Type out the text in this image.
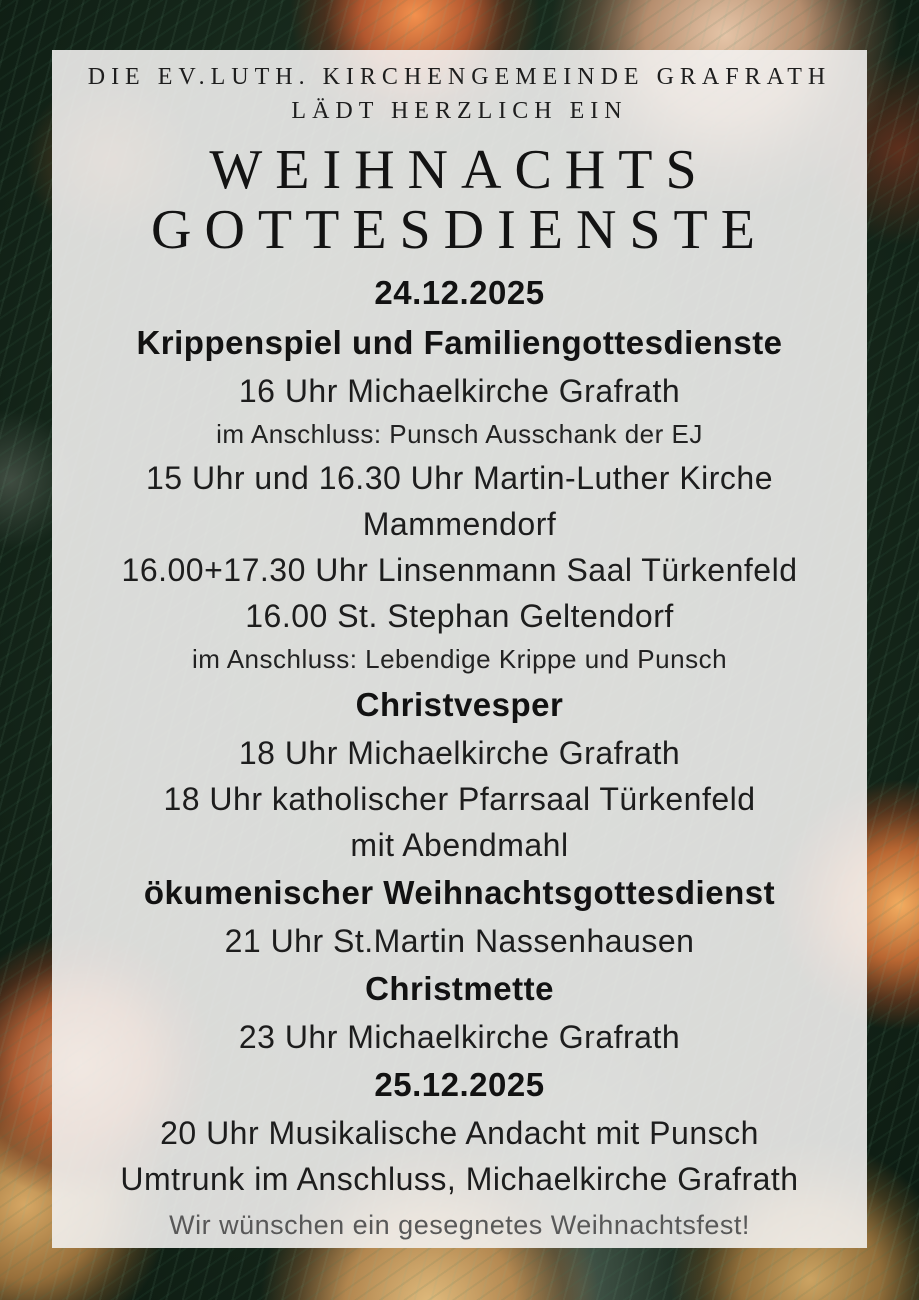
DIE EV.LUTH. KIRCHENGEMEINDE GRAFRATH
LÄDT HERZLICH EIN
WEIHNACHTS
GOTTESDIENSTE
24.12.2025
Krippenspiel und Familiengottesdienste
16 Uhr Michaelkirche Grafrath
im Anschluss: Punsch Ausschank der EJ
15 Uhr und 16.30 Uhr Martin-Luther Kirche
Mammendorf
16.00+17.30 Uhr Linsenmann Saal Türkenfeld
16.00 St. Stephan Geltendorf
im Anschluss: Lebendige Krippe und Punsch
Christvesper
18 Uhr Michaelkirche Grafrath
18 Uhr katholischer Pfarrsaal Türkenfeld
mit Abendmahl
ökumenischer Weihnachtsgottesdienst
21 Uhr St.Martin Nassenhausen
Christmette
23 Uhr Michaelkirche Grafrath
25.12.2025
20 Uhr Musikalische Andacht mit Punsch
Umtrunk im Anschluss, Michaelkirche Grafrath
Wir wünschen ein gesegnetes Weihnachtsfest!
